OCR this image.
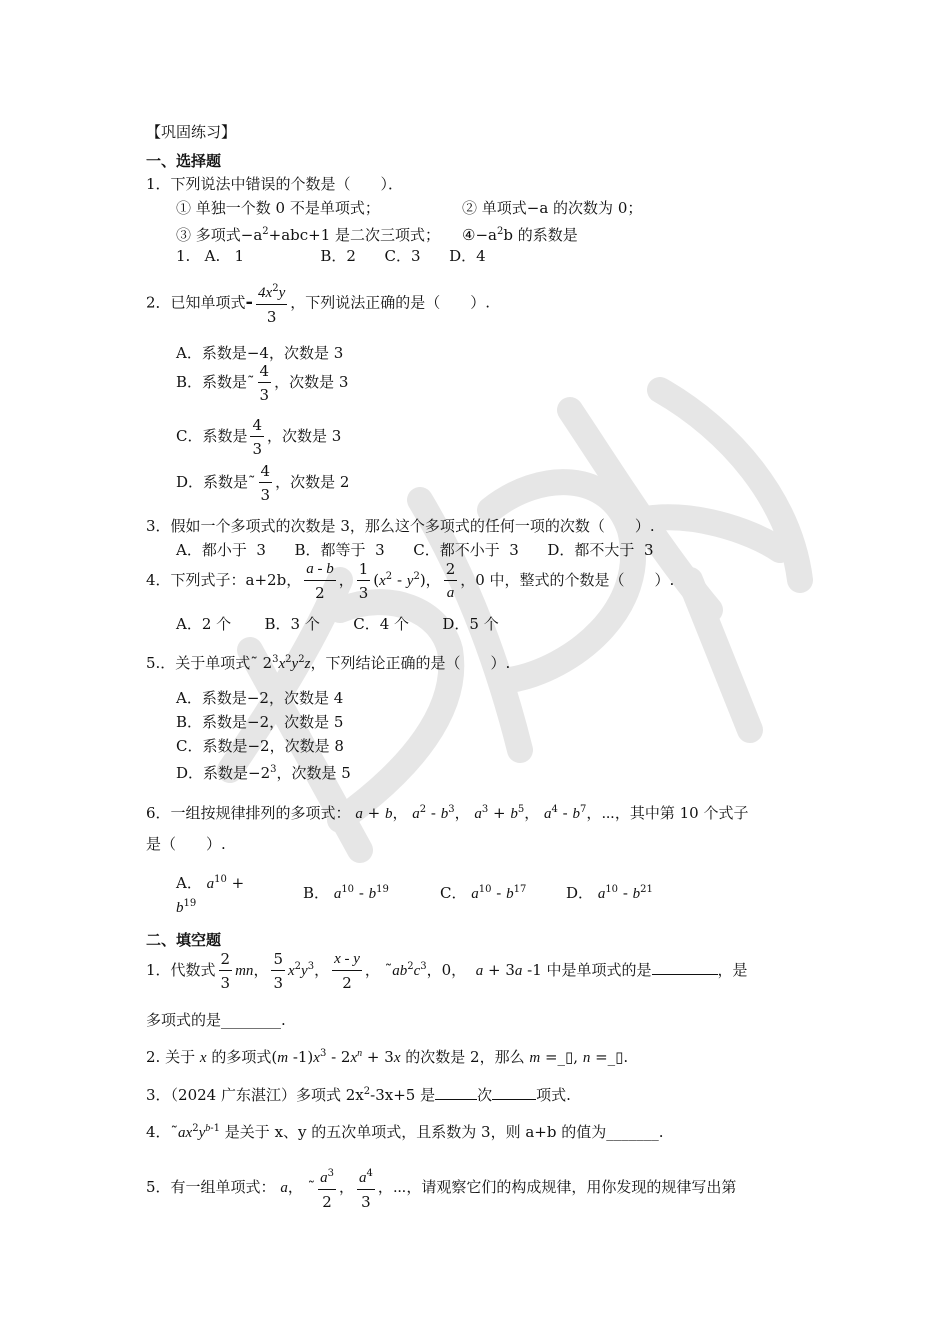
【巩固练习】
一、选择题
1．下列说法中错误的个数是（　　）．
① 单独一个数 0 不是单项式；	② 单项式−a 的次数为 0；
③ 多项式$-a^2+abc+1$ 是二次三项式； $④-a^2b$ 的系数是
1.   A.   1                B．2      C．3      D．4
2．已知单项式- $\frac{4x^2y}{3}$ ，下列说法正确的是（　　）.
A．系数是−4，次数是 3
B．系数是˜ $\frac{4}{3}$ ，次数是 3
C．系数是 $\frac{4}{3}$ ，次数是 3
D．系数是˜ $\frac{4}{3}$ ，次数是 2
3．假如一个多项式的次数是 3，那么这个多项式的任何一项的次数（　　）.
A．都小于  3      B．都等于  3      C．都不小于  3      D．都不大于  3
4．下列式子：a+2b， $\frac{a - b}{2}$ ， $\frac{1}{3} (x^2 - y^2)$， $\frac{2}{a}$ ，0 中，整式的个数是（　　）.
A．2 个       B．3 个       C．4 个       D．5 个
5.．关于单项式˜ $2^3x^2y^2z$，下列结论正确的是（　　）.
A．系数是−2，次数是 4
B．系数是−2，次数是 5
C．系数是−2，次数是 8
D．系数是$-2^3$，次数是 5
6．一组按规律排列的多项式： a + b， $a^2 - b^3$， $a^3 + b^5$， $a^4 - b^7$，⋯，其中第 10 个式子
是（　　）.
A． $a^{10}$ +
$b^{19}$
B． $a^{10} - b^{19}$	C． $a^{10} - b^{17}$	D． $a^{10} - b^{21}$
二、填空题
1．代数式 $\frac{2}{3}$ mn， $\frac{5}{3} x^2y^3$， $\frac{x - y}{2}$ ， $˜ab^2c^3$，0，  a + 3a -1 中是单项式的是	，是
多项式的是________.
2. 关于 x 的多项式(m $-1)x^3 - 2x^n + 3x$ 的次数是 2，那么 m =_▯, n =_▯.
3．（2024 广东湛江）多项式 $2x^2-3x+5$ 是	次	项式.
4．$˜ax^2y^{b-1}$ 是关于 x、y 的五次单项式，且系数为 3，则 a+b 的值为_______.
5．有一组单项式： a， ˜ $\frac{a^3}{2}$ ， $\frac{a^4}{3}$ ，⋯，请观察它们的构成规律，用你发现的规律写出第
